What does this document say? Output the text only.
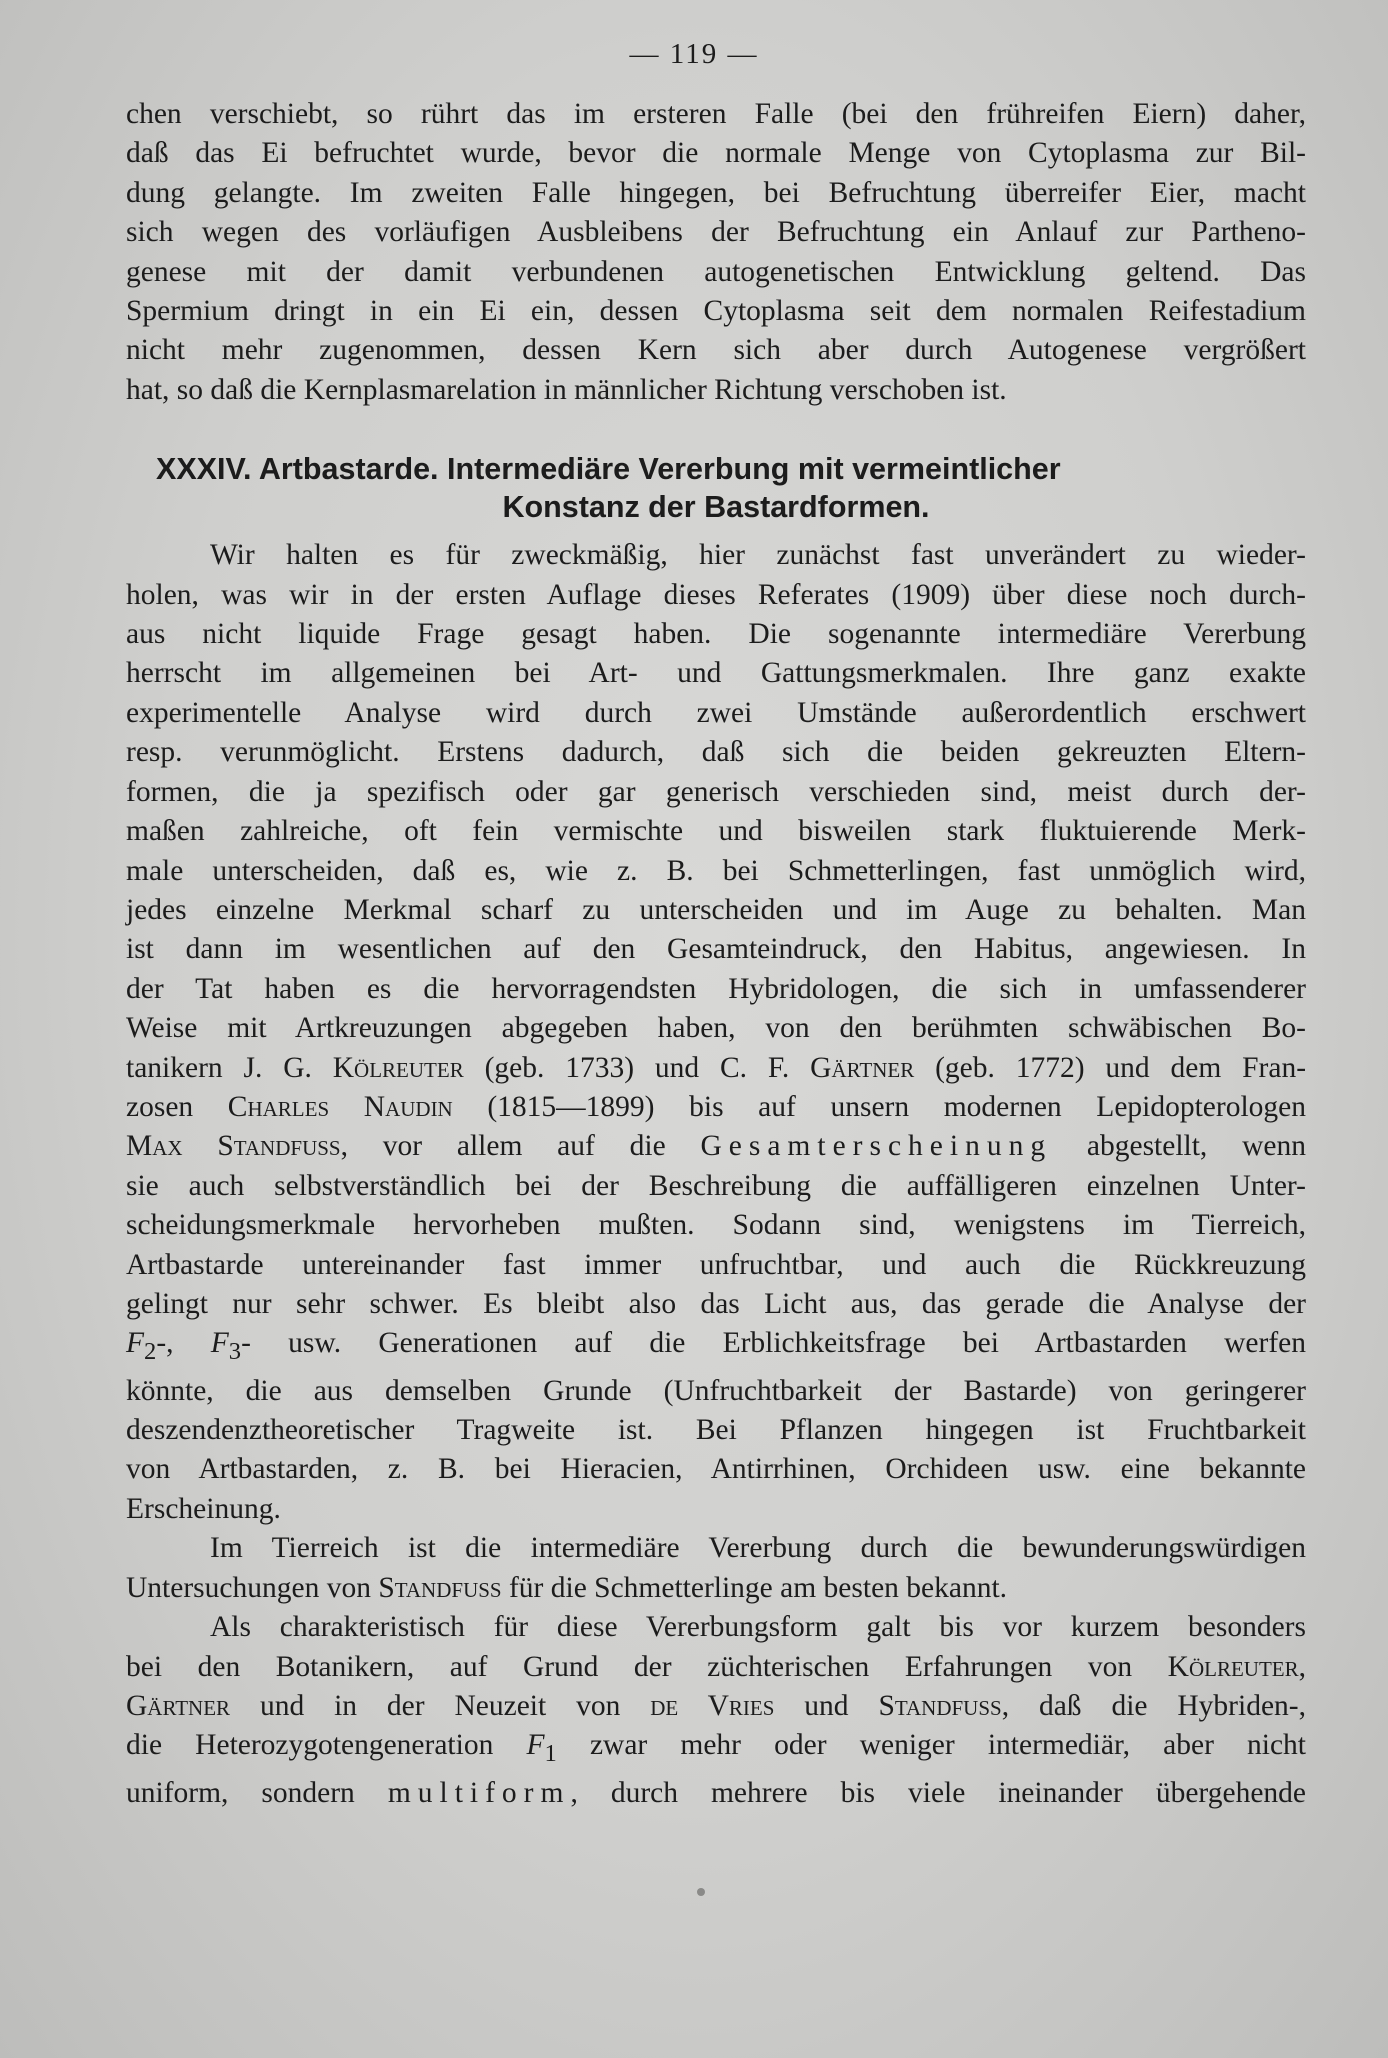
— 119 —
chen verschiebt, so rührt das im ersteren Falle (bei den frühreifen Eiern) daher,
daß das Ei befruchtet wurde, bevor die normale Menge von Cytoplasma zur Bil-
dung gelangte. Im zweiten Falle hingegen, bei Befruchtung überreifer Eier, macht
sich wegen des vorläufigen Ausbleibens der Befruchtung ein Anlauf zur Partheno-
genese mit der damit verbundenen autogenetischen Entwicklung geltend. Das
Spermium dringt in ein Ei ein, dessen Cytoplasma seit dem normalen Reifestadium
nicht mehr zugenommen, dessen Kern sich aber durch Autogenese vergrößert
hat, so daß die Kernplasmarelation in männlicher Richtung verschoben ist.
XXXIV. Artbastarde. Intermediäre Vererbung mit vermeintlicher
Konstanz der Bastardformen.
Wir halten es für zweckmäßig, hier zunächst fast unverändert zu wieder-
holen, was wir in der ersten Auflage dieses Referates (1909) über diese noch durch-
aus nicht liquide Frage gesagt haben. Die sogenannte intermediäre Vererbung
herrscht im allgemeinen bei Art- und Gattungsmerkmalen. Ihre ganz exakte
experimentelle Analyse wird durch zwei Umstände außerordentlich erschwert
resp. verunmöglicht. Erstens dadurch, daß sich die beiden gekreuzten Eltern-
formen, die ja spezifisch oder gar generisch verschieden sind, meist durch der-
maßen zahlreiche, oft fein vermischte und bisweilen stark fluktuierende Merk-
male unterscheiden, daß es, wie z. B. bei Schmetterlingen, fast unmöglich wird,
jedes einzelne Merkmal scharf zu unterscheiden und im Auge zu behalten. Man
ist dann im wesentlichen auf den Gesamteindruck, den Habitus, angewiesen. In
der Tat haben es die hervorragendsten Hybridologen, die sich in umfassenderer
Weise mit Artkreuzungen abgegeben haben, von den berühmten schwäbischen Bo-
tanikern J. G. Kölreuter (geb. 1733) und C. F. Gärtner (geb. 1772) und dem Fran-
zosen Charles Naudin (1815—1899) bis auf unsern modernen Lepidopterologen
Max Standfuss, vor allem auf die Gesamterscheinung abgestellt, wenn
sie auch selbstverständlich bei der Beschreibung die auffälligeren einzelnen Unter-
scheidungsmerkmale hervorheben mußten. Sodann sind, wenigstens im Tierreich,
Artbastarde untereinander fast immer unfruchtbar, und auch die Rückkreuzung
gelingt nur sehr schwer. Es bleibt also das Licht aus, das gerade die Analyse der
$F_2-$, $F_3-$ usw. Generationen auf die Erblichkeitsfrage bei Artbastarden werfen
könnte, die aus demselben Grunde (Unfruchtbarkeit der Bastarde) von geringerer
deszendenztheoretischer Tragweite ist. Bei Pflanzen hingegen ist Fruchtbarkeit
von Artbastarden, z. B. bei Hieracien, Antirrhinen, Orchideen usw. eine bekannte
Erscheinung.
Im Tierreich ist die intermediäre Vererbung durch die bewunderungswürdigen
Untersuchungen von Standfuss für die Schmetterlinge am besten bekannt.
Als charakteristisch für diese Vererbungsform galt bis vor kurzem besonders
bei den Botanikern, auf Grund der züchterischen Erfahrungen von Kölreuter,
Gärtner und in der Neuzeit von de Vries und Standfuss, daß die Hybriden-,
die Heterozygotengeneration $F_1$ zwar mehr oder weniger intermediär, aber nicht
uniform, sondern multiform, durch mehrere bis viele ineinander übergehende
